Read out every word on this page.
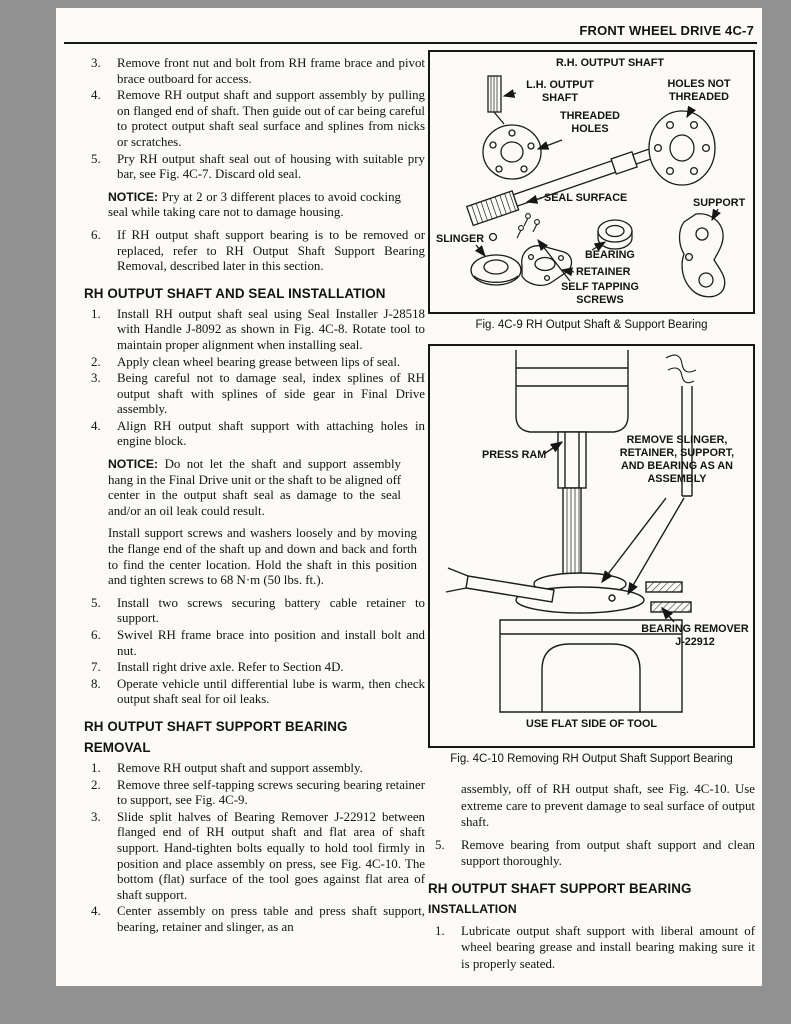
FRONT WHEEL DRIVE 4C-7
3. Remove front nut and bolt from RH frame brace and pivot brace outboard for access.
4. Remove RH output shaft and support assembly by pulling on flanged end of shaft. Then guide out of car being careful to protect output shaft seal surface and splines from nicks or scratches.
5. Pry RH output shaft seal out of housing with suitable pry bar, see Fig. 4C-7. Discard old seal.
NOTICE: Pry at 2 or 3 different places to avoid cocking seal while taking care not to damage housing.
6. If RH output shaft support bearing is to be removed or replaced, refer to RH Output Shaft Support Bearing Removal, described later in this section.
RH OUTPUT SHAFT AND SEAL INSTALLATION
1. Install RH output shaft seal using Seal Installer J-28518 with Handle J-8092 as shown in Fig. 4C-8. Rotate tool to maintain proper alignment when installing seal.
2. Apply clean wheel bearing grease between lips of seal.
3. Being careful not to damage seal, index splines of RH output shaft with splines of side gear in Final Drive assembly.
4. Align RH output shaft support with attaching holes in engine block.
NOTICE: Do not let the shaft and support assembly hang in the Final Drive unit or the shaft to be aligned off center in the output shaft seal as damage to the seal and/or an oil leak could result.
Install support screws and washers loosely and by moving the flange end of the shaft up and down and back and forth to find the center location. Hold the shaft in this position and tighten screws to 68 N·m (50 lbs. ft.).
5. Install two screws securing battery cable retainer to support.
6. Swivel RH frame brace into position and install bolt and nut.
7. Install right drive axle. Refer to Section 4D.
8. Operate vehicle until differential lube is warm, then check output shaft seal for oil leaks.
RH OUTPUT SHAFT SUPPORT BEARING
REMOVAL
1. Remove RH output shaft and support assembly.
2. Remove three self-tapping screws securing bearing retainer to support, see Fig. 4C-9.
3. Slide split halves of Bearing Remover J-22912 between flanged end of RH output shaft and flat area of shaft support. Hand-tighten bolts equally to hold tool firmly in position and place assembly on press, see Fig. 4C-10. The bottom (flat) surface of the tool goes against flat area of shaft support.
4. Center assembly on press table and press shaft support, bearing, retainer and slinger, as an
R.H. OUTPUT SHAFT
L.H. OUTPUT SHAFT
HOLES NOT THREADED
THREADED HOLES
SEAL SURFACE	SUPPORT
SLINGER
BEARING
RETAINER
SELF TAPPING SCREWS
Fig. 4C-9 RH Output Shaft & Support Bearing
PRESS RAM
REMOVE SLINGER, RETAINER, SUPPORT, AND BEARING AS AN ASSEMBLY
BEARING REMOVER J-22912
USE FLAT SIDE OF TOOL
Fig. 4C-10 Removing RH Output Shaft Support Bearing
assembly, off of RH output shaft, see Fig. 4C-10. Use extreme care to prevent damage to seal surface of output shaft.
5. Remove bearing from output shaft support and clean support thoroughly.
RH OUTPUT SHAFT SUPPORT BEARING
INSTALLATION
1. Lubricate output shaft support with liberal amount of wheel bearing grease and install bearing making sure it is properly seated.
